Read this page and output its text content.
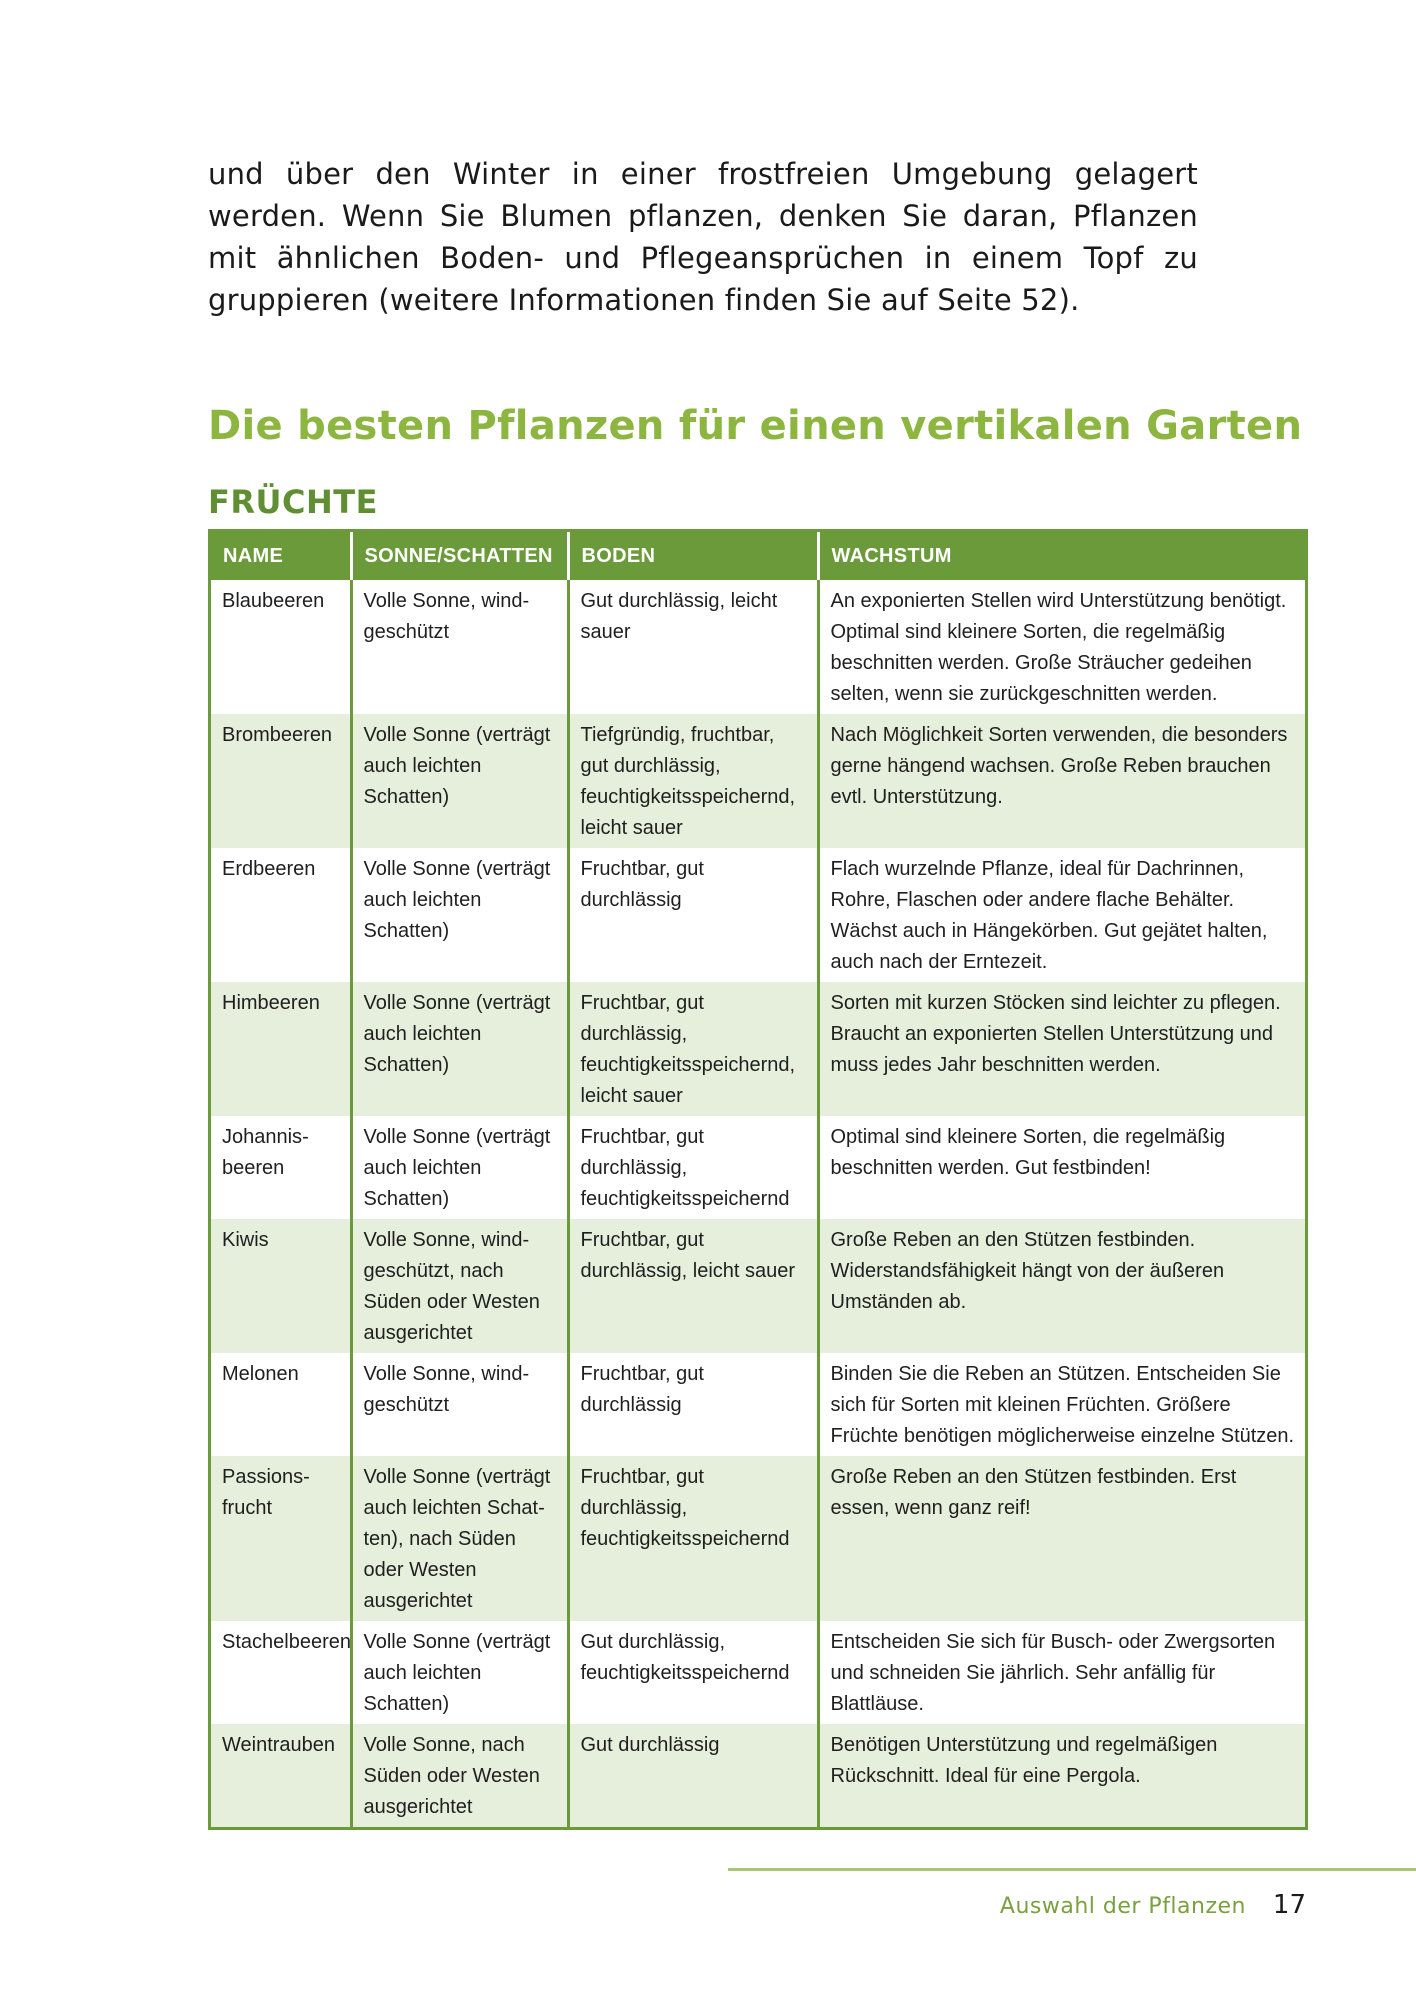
und über den Winter in einer frostfreien Umgebung gelagert werden. Wenn Sie Blumen pflanzen, denken Sie daran, Pflanzen mit ähnlichen Boden- und Pflegeansprüchen in einem Topf zu gruppieren (weitere Informationen finden Sie auf Seite 52).

Die besten Pflanzen für einen vertikalen Garten
FRÜCHTE
NAME	SONNE/SCHATTEN	BODEN	WACHSTUM
Blaubeeren	Volle Sonne, windgeschützt	Gut durchlässig, leicht sauer	An exponierten Stellen wird Unterstützung benötigt. Optimal sind kleinere Sorten, die regelmäßig beschnitten werden. Große Sträucher gedeihen selten, wenn sie zurückgeschnitten werden.
Brombeeren	Volle Sonne (verträgt auch leichten Schatten)	Tiefgründig, fruchtbar, gut durchlässig, feuchtigkeitsspeichernd, leicht sauer	Nach Möglichkeit Sorten verwenden, die besonders gerne hängend wachsen. Große Reben brauchen evtl. Unterstützung.
Erdbeeren	Volle Sonne (verträgt auch leichten Schatten)	Fruchtbar, gut durchlässig	Flach wurzelnde Pflanze, ideal für Dachrinnen, Rohre, Flaschen oder andere flache Behälter. Wächst auch in Hängekörben. Gut gejätet halten, auch nach der Erntezeit.
Himbeeren	Volle Sonne (verträgt auch leichten Schatten)	Fruchtbar, gut durchlässig, feuchtigkeitsspeichernd, leicht sauer	Sorten mit kurzen Stöcken sind leichter zu pflegen. Braucht an exponierten Stellen Unterstützung und muss jedes Jahr beschnitten werden.
Johannisbeeren	Volle Sonne (verträgt auch leichten Schatten)	Fruchtbar, gut durchlässig, feuchtigkeitsspeichernd	Optimal sind kleinere Sorten, die regelmäßig beschnitten werden. Gut festbinden!
Kiwis	Volle Sonne, windgeschützt, nach Süden oder Westen ausgerichtet	Fruchtbar, gut durchlässig, leicht sauer	Große Reben an den Stützen festbinden. Widerstandsfähigkeit hängt von der äußeren Umständen ab.
Melonen	Volle Sonne, windgeschützt	Fruchtbar, gut durchlässig	Binden Sie die Reben an Stützen. Entscheiden Sie sich für Sorten mit kleinen Früchten. Größere Früchte benötigen möglicherweise einzelne Stützen.
Passionsfrucht	Volle Sonne (verträgt auch leichten Schatten), nach Süden oder Westen ausgerichtet	Fruchtbar, gut durchlässig, feuchtigkeitsspeichernd	Große Reben an den Stützen festbinden. Erst essen, wenn ganz reif!
Stachelbeeren	Volle Sonne (verträgt auch leichten Schatten)	Gut durchlässig, feuchtigkeitsspeichernd	Entscheiden Sie sich für Busch- oder Zwergsorten und schneiden Sie jährlich. Sehr anfällig für Blattläuse.
Weintrauben	Volle Sonne, nach Süden oder Westen ausgerichtet	Gut durchlässig	Benötigen Unterstützung und regelmäßigen Rückschnitt. Ideal für eine Pergola.
Auswahl der Pflanzen 17
